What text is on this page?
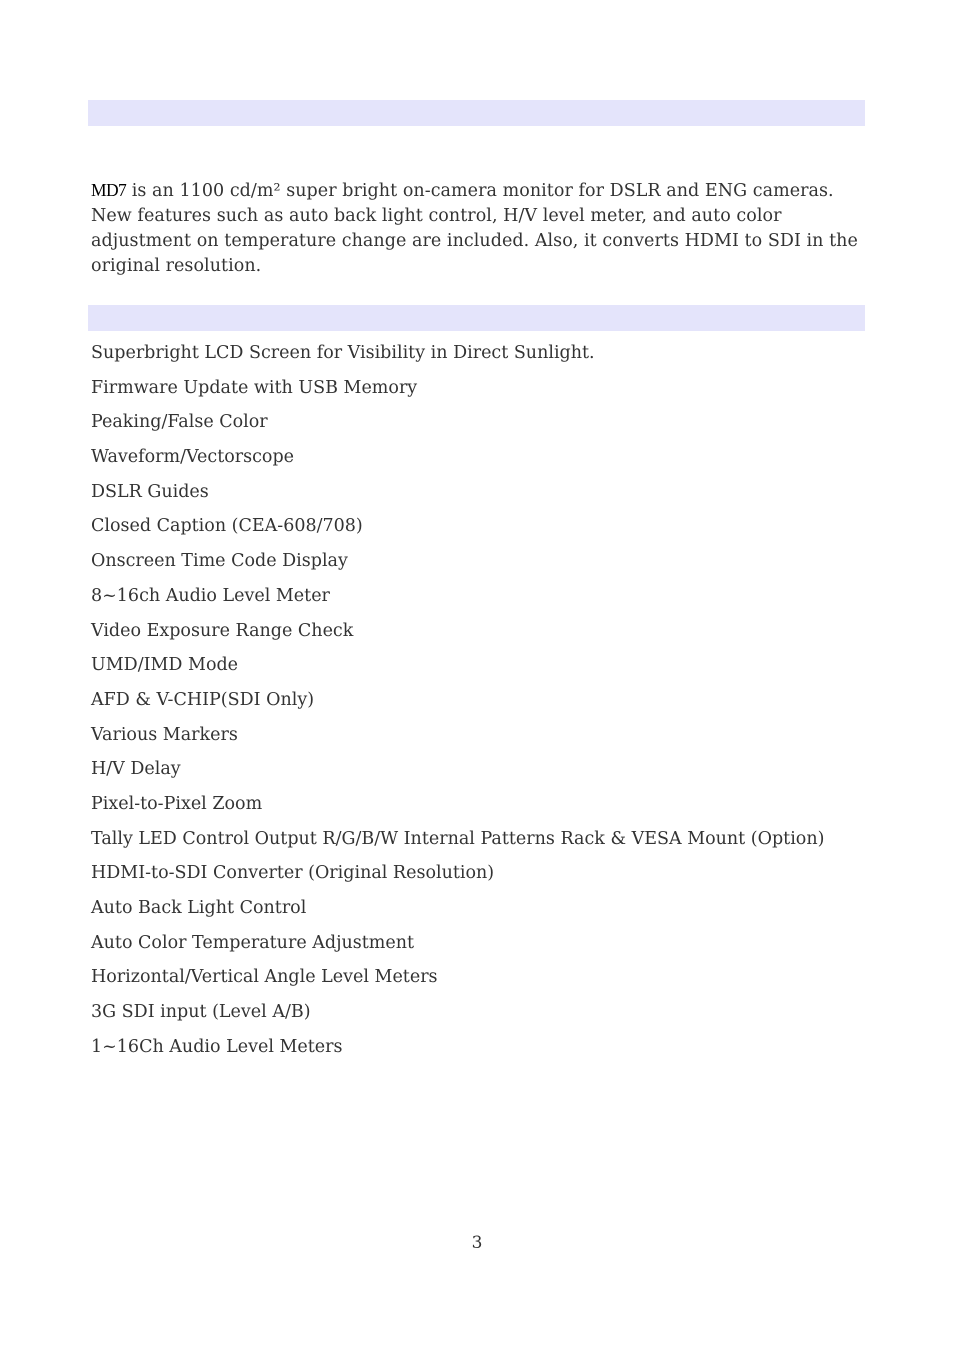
MD7 is an 1100 cd/m² super bright on-camera monitor for DSLR and ENG cameras. New features such as auto back light control, H/V level meter, and auto color adjustment on temperature change are included. Also, it converts HDMI to SDI in the original resolution.

Superbright LCD Screen for Visibility in Direct Sunlight.
Firmware Update with USB Memory
Peaking/False Color
Waveform/Vectorscope
DSLR Guides
Closed Caption (CEA-608/708)
Onscreen Time Code Display
8~16ch Audio Level Meter
Video Exposure Range Check
UMD/IMD Mode
AFD & V-CHIP(SDI Only)
Various Markers
H/V Delay
Pixel-to-Pixel Zoom
Tally LED Control Output R/G/B/W Internal Patterns Rack & VESA Mount (Option)
HDMI-to-SDI Converter (Original Resolution)
Auto Back Light Control
Auto Color Temperature Adjustment
Horizontal/Vertical Angle Level Meters
3G SDI input (Level A/B)
1~16Ch Audio Level Meters
3
